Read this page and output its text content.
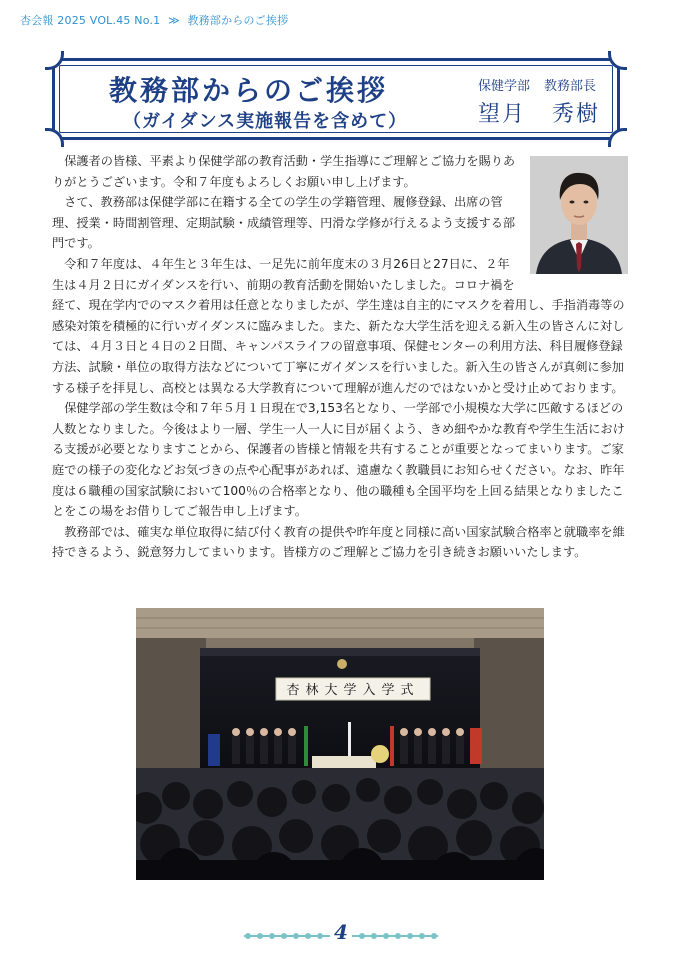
杏会報 2025 VOL.45 No.1 ≫ 教務部からのご挨拶
教務部からのご挨拶
（ガイダンス実施報告を含めて）
保健学部 教務部長
望月 秀樹

保護者の皆様、平素より保健学部の教育活動・学生指導にご理解とご協力を賜りありがとうございます。令和７年度もよろしくお願い申し上げます。

さて、教務部は保健学部に在籍する全ての学生の学籍管理、履修登録、出席の管理、授業・時間割管理、定期試験・成績管理等、円滑な学修が行えるよう支援する部門です。

令和７年度は、４年生と３年生は、一足先に前年度末の３月26日と27日に、２年生は４月２日にガイダンスを行い、前期の教育活動を開始いたしました。コロナ禍を経て、現在学内でのマスク着用は任意となりましたが、学生達は自主的にマスクを着用し、手指消毒等の感染対策を積極的に行いガイダンスに臨みました。また、新たな大学生活を迎える新入生の皆さんに対しては、４月３日と４日の２日間、キャンパスライフの留意事項、保健センターの利用方法、科目履修登録方法、試験・単位の取得方法などについて丁寧にガイダンスを行いました。新入生の皆さんが真剣に参加する様子を拝見し、高校とは異なる大学教育について理解が進んだのではないかと受け止めております。

保健学部の学生数は令和７年５月１日現在で3,153名となり、一学部で小規模な大学に匹敵するほどの人数となりました。今後はより一層、学生一人一人に目が届くよう、きめ細やかな教育や学生生活における支援が必要となりますことから、保護者の皆様と情報を共有することが重要となってまいります。ご家庭での様子の変化などお気づきの点や心配事があれば、遠慮なく教職員にお知らせください。なお、昨年度は６職種の国家試験において100％の合格率となり、他の職種も全国平均を上回る結果となりましたことをこの場をお借りしてご報告申し上げます。

教務部では、確実な単位取得に結び付く教育の提供や昨年度と同様に高い国家試験合格率と就職率を維持できるよう、鋭意努力してまいります。皆様方のご理解とご協力を引き続きお願いいたします。

杏林大学入学式
4
